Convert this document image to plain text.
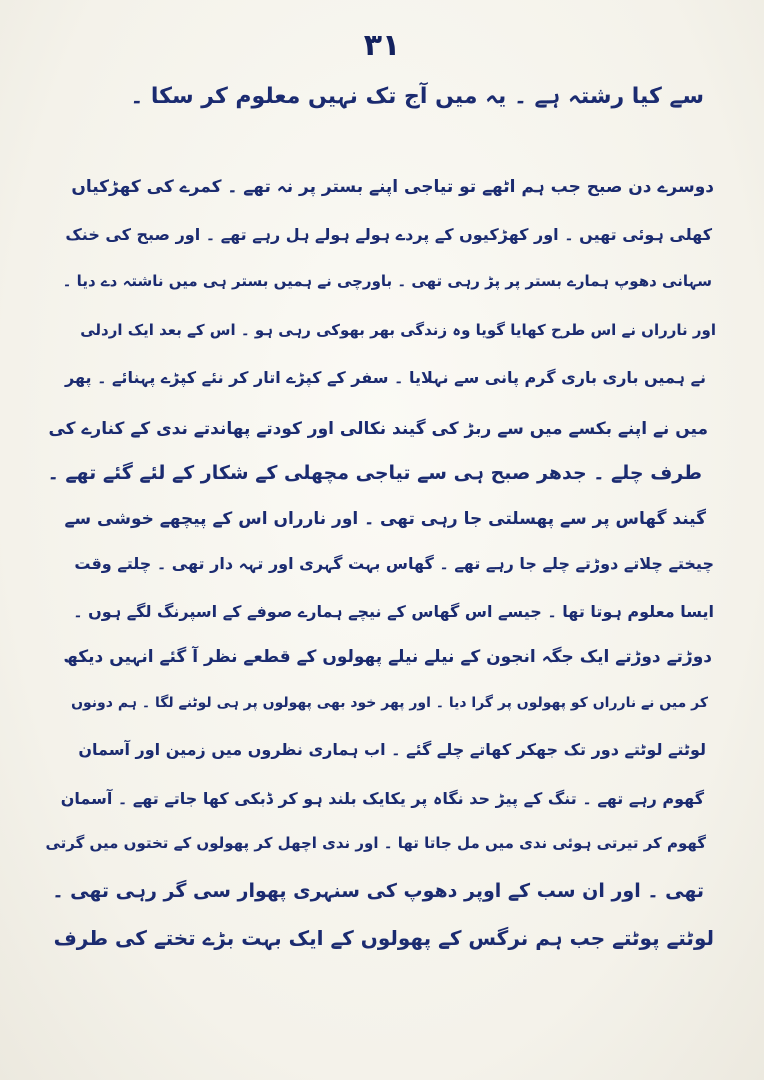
۳۱
سے کیا رشتہ ہے ۔ یہ میں آج تک نہیں معلوم کر سکا ۔
دوسرے دن صبح جب ہم اٹھے تو تیاجی اپنے بستر پر نہ تھے ۔ کمرے کی کھڑکیاں
کھلی ہوئی تھیں ۔ اور کھڑکیوں کے پردے ہولے ہولے ہل رہے تھے ۔ اور صبح کی خنک
سہانی دھوپ ہمارے بستر پر پڑ رہی تھی ۔ باورچی نے ہمیں بستر ہی میں ناشتہ دے دیا ۔
اور نارراں نے اس طرح کھایا گویا وہ زندگی بھر بھوکی رہی ہو ۔ اس کے بعد ایک اردلی
نے ہمیں باری باری گرم پانی سے نہلایا ۔ سفر کے کپڑے اتار کر نئے کپڑے پہنائے ۔ پھر
میں نے اپنے بکسے میں سے ربڑ کی گیند نکالی اور کودتے پھاندتے ندی کے کنارے کی
طرف چلے ۔ جدھر صبح ہی سے تیاجی مچھلی کے شکار کے لئے گئے تھے ۔
گیند گھاس پر سے پھسلتی جا رہی تھی ۔ اور نارراں اس کے پیچھے خوشی سے
چیختے چلاتے دوڑتے چلے جا رہے تھے ۔ گھاس بہت گہری اور تہہ دار تھی ۔ چلتے وقت
ایسا معلوم ہوتا تھا ۔ جیسے اس گھاس کے نیچے ہمارے صوفے کے اسپرنگ لگے ہوں ۔
دوڑتے دوڑتے ایک جگہ انجون کے نیلے نیلے پھولوں کے قطعے نظر آ گئے انہیں دیکھ
کر میں نے نارراں کو پھولوں پر گرا دیا ۔ اور پھر خود بھی پھولوں پر ہی لوٹنے لگا ۔ ہم دونوں
لوٹتے لوٹتے دور تک جھکر کھاتے چلے گئے ۔ اب ہماری نظروں میں زمین اور آسمان
گھوم رہے تھے ۔ تنگ کے پیڑ حد نگاہ پر یکایک بلند ہو کر ڈبکی کھا جاتے تھے ۔ آسمان
گھوم کر تیرتی ہوئی ندی میں مل جاتا تھا ۔ اور ندی اچھل کر پھولوں کے تختوں میں گرتی
تھی ۔ اور ان سب کے اوپر دھوپ کی سنہری پھوار سی گر رہی تھی ۔
لوٹتے پوٹتے جب ہم نرگس کے پھولوں کے ایک بہت بڑے تختے کی طرف
